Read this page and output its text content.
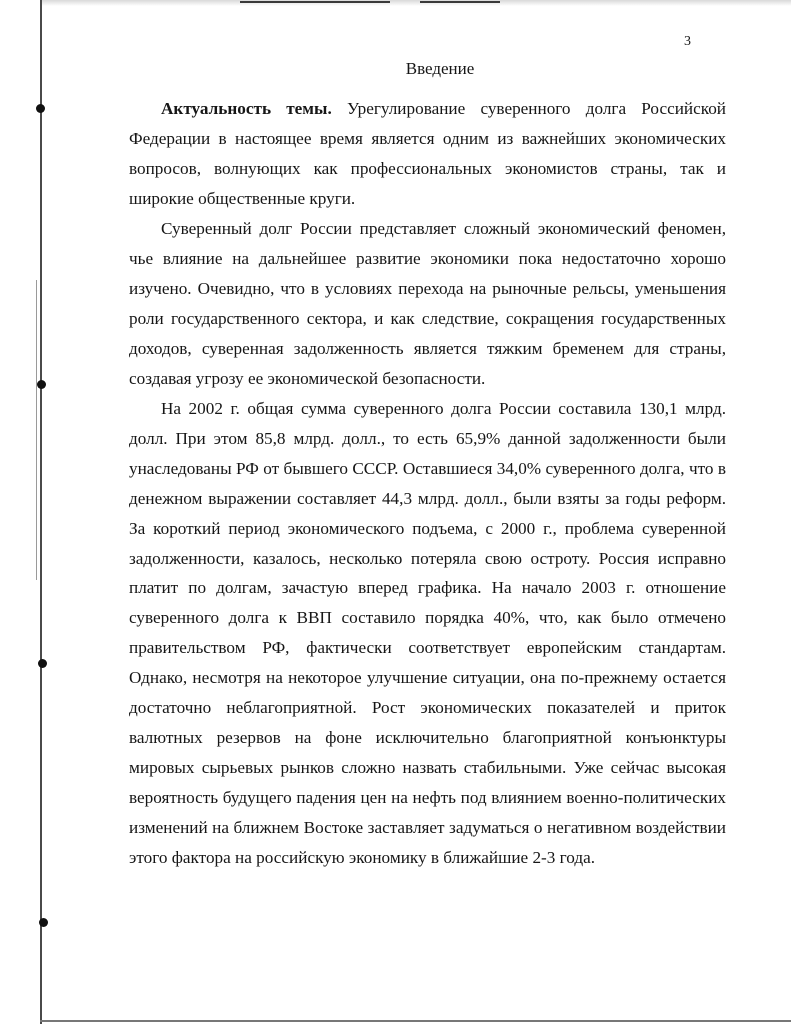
3
Введение

Актуальность темы. Урегулирование суверенного долга Российской Федерации в настоящее время является одним из важнейших экономических вопросов, волнующих как профессиональных экономистов страны, так и широкие общественные круги.

Суверенный долг России представляет сложный экономический феномен, чье влияние на дальнейшее развитие экономики пока недостаточно хорошо изучено. Очевидно, что в условиях перехода на рыночные рельсы, уменьшения роли государственного сектора, и как следствие, сокращения государственных доходов, суверенная задолженность является тяжким бременем для страны, создавая угрозу ее экономической безопасности.

На 2002 г. общая сумма суверенного долга России составила 130,1 млрд. долл. При этом 85,8 млрд. долл., то есть 65,9% данной задолженности были унаследованы РФ от бывшего СССР. Оставшиеся 34,0% суверенного долга, что в денежном выражении составляет 44,3 млрд. долл., были взяты за годы реформ. За короткий период экономического подъема, с 2000 г., проблема суверенной задолженности, казалось, несколько потеряла свою остроту. Россия исправно платит по долгам, зачастую вперед графика. На начало 2003 г. отношение суверенного долга к ВВП составило порядка 40%, что, как было отмечено правительством РФ, фактически соответствует европейским стандартам. Однако, несмотря на некоторое улучшение ситуации, она по-прежнему остается достаточно неблагоприятной. Рост экономических показателей и приток валютных резервов на фоне исключительно благоприятной конъюнктуры мировых сырьевых рынков сложно назвать стабильными. Уже сейчас высокая вероятность будущего падения цен на нефть под влиянием военно-политических изменений на ближнем Востоке заставляет задуматься о негативном воздействии этого фактора на российскую экономику в ближайшие 2-3 года.
